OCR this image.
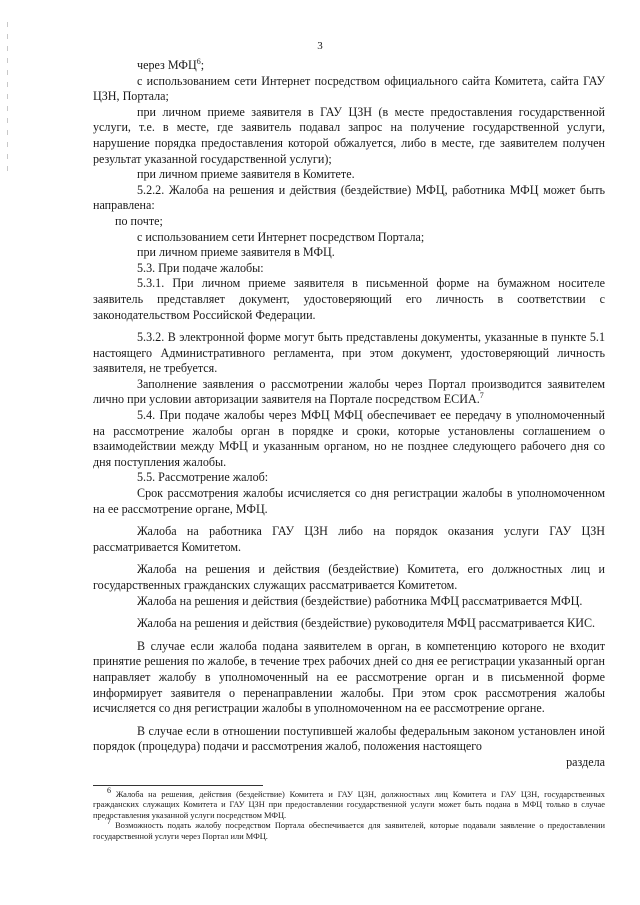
3

через МФЦ$^6$;

с использованием сети Интернет посредством официального сайта Комитета, сайта ГАУ ЦЗН, Портала;

при личном приеме заявителя в ГАУ ЦЗН (в месте предоставления государственной услуги, т.е. в месте, где заявитель подавал запрос на получение государственной услуги, нарушение порядка предоставления которой обжалуется, либо в месте, где заявителем получен результат указанной государственной услуги);

при личном приеме заявителя в Комитете.

5.2.2. Жалоба на решения и действия (бездействие) МФЦ, работника МФЦ может быть направлена:

по почте;

с использованием сети Интернет посредством Портала;

при личном приеме заявителя в МФЦ.

5.3. При подаче жалобы:

5.3.1. При личном приеме заявителя в письменной форме на бумажном носителе заявитель представляет документ, удостоверяющий его личность в соответствии с законодательством Российской Федерации.

5.3.2. В электронной форме могут быть представлены документы, указанные в пункте 5.1 настоящего Административного регламента, при этом документ, удостоверяющий личность заявителя, не требуется.

Заполнение заявления о рассмотрении жалобы через Портал производится заявителем лично при условии авторизации заявителя на Портале посредством ЕСИА.$^7$

5.4. При подаче жалобы через МФЦ МФЦ обеспечивает ее передачу в уполномоченный на рассмотрение жалобы орган в порядке и сроки, которые установлены соглашением о взаимодействии между МФЦ и указанным органом, но не позднее следующего рабочего дня со дня поступления жалобы.

5.5. Рассмотрение жалоб:

Срок рассмотрения жалобы исчисляется со дня регистрации жалобы в уполномоченном на ее рассмотрение органе, МФЦ.

Жалоба на работника ГАУ ЦЗН либо на порядок оказания услуги ГАУ ЦЗН рассматривается Комитетом.

Жалоба на решения и действия (бездействие) Комитета, его должностных лиц и государственных гражданских служащих рассматривается Комитетом.

Жалоба на решения и действия (бездействие) работника МФЦ рассматривается МФЦ.

Жалоба на решения и действия (бездействие) руководителя МФЦ рассматривается КИС.

В случае если жалоба подана заявителем в орган, в компетенцию которого не входит принятие решения по жалобе, в течение трех рабочих дней со дня ее регистрации указанный орган направляет жалобу в уполномоченный на ее рассмотрение орган и в письменной форме информирует заявителя о перенаправлении жалобы. При этом срок рассмотрения жалобы исчисляется со дня регистрации жалобы в уполномоченном на ее рассмотрение органе.

В случае если в отношении поступившей жалобы федеральным законом установлен иной порядок (процедура) подачи и рассмотрения жалоб, положения настоящего

раздела

$^6$ Жалоба на решения, действия (бездействие) Комитета и ГАУ ЦЗН, должностных лиц Комитета и ГАУ ЦЗН, государственных гражданских служащих Комитета и ГАУ ЦЗН при предоставлении государственной услуги может быть подана в МФЦ только в случае предоставления указанной услуги посредством МФЦ.

$^7$ Возможность подать жалобу посредством Портала обеспечивается для заявителей, которые подавали заявление о предоставлении государственной услуги через Портал или МФЦ.
